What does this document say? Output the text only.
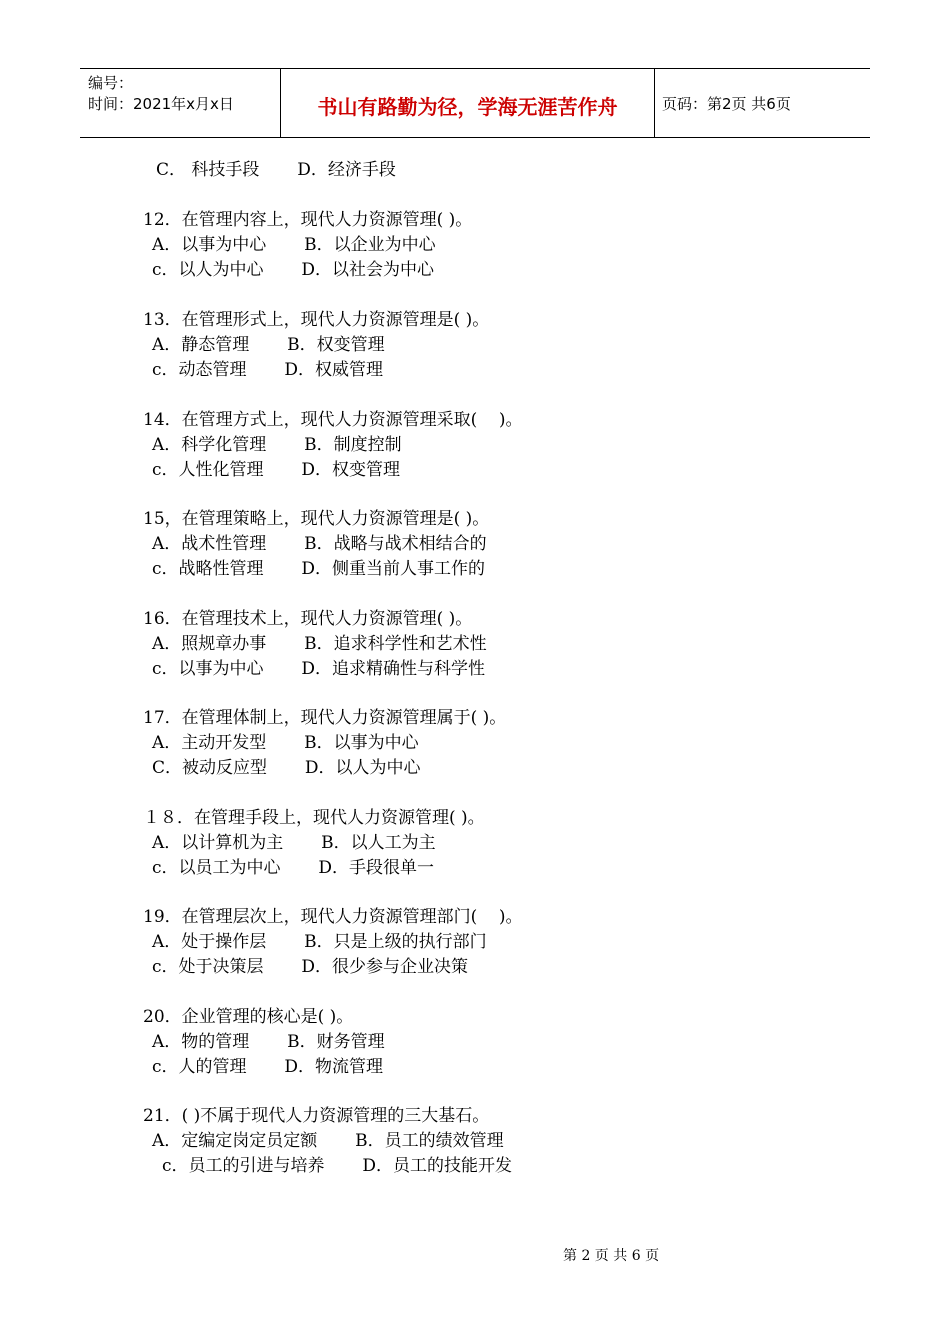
编号：
时间：2021年x月x日	书山有路勤为径，学海无涯苦作舟	页码：第2页 共6页
C． 科技手段       D．经济手段
12．在管理内容上，现代人力资源管理( )。
A．以事为中心       B．以企业为中心
c．以人为中心       D．以社会为中心
13．在管理形式上，现代人力资源管理是( )。
A．静态管理       B．权变管理
c．动态管理       D．权威管理
14．在管理方式上，现代人力资源管理采取(    )。
A．科学化管理       B．制度控制
c．人性化管理       D．权变管理
15，在管理策略上，现代人力资源管理是( )。
A．战术性管理       B．战略与战术相结合的
c．战略性管理       D．侧重当前人事工作的
16．在管理技术上，现代人力资源管理( )。
A．照规章办事       B．追求科学性和艺术性
c．以事为中心       D．追求精确性与科学性
17．在管理体制上，现代人力资源管理属于( )。
A．主动开发型       B．以事为中心
C．被动反应型       D．以人为中心
１８．在管理手段上，现代人力资源管理( )。
A．以计算机为主       B．以人工为主
c．以员工为中心       D．手段很单一
19．在管理层次上，现代人力资源管理部门(    )。
A．处于操作层       B．只是上级的执行部门
c．处于决策层       D．很少参与企业决策
20．企业管理的核心是( )。
A．物的管理       B．财务管理
c．人的管理       D．物流管理
21．( )不属于现代人力资源管理的三大基石。
A．定编定岗定员定额       B．员工的绩效管理
c．员工的引进与培养       D．员工的技能开发
第 2 页 共 6 页
